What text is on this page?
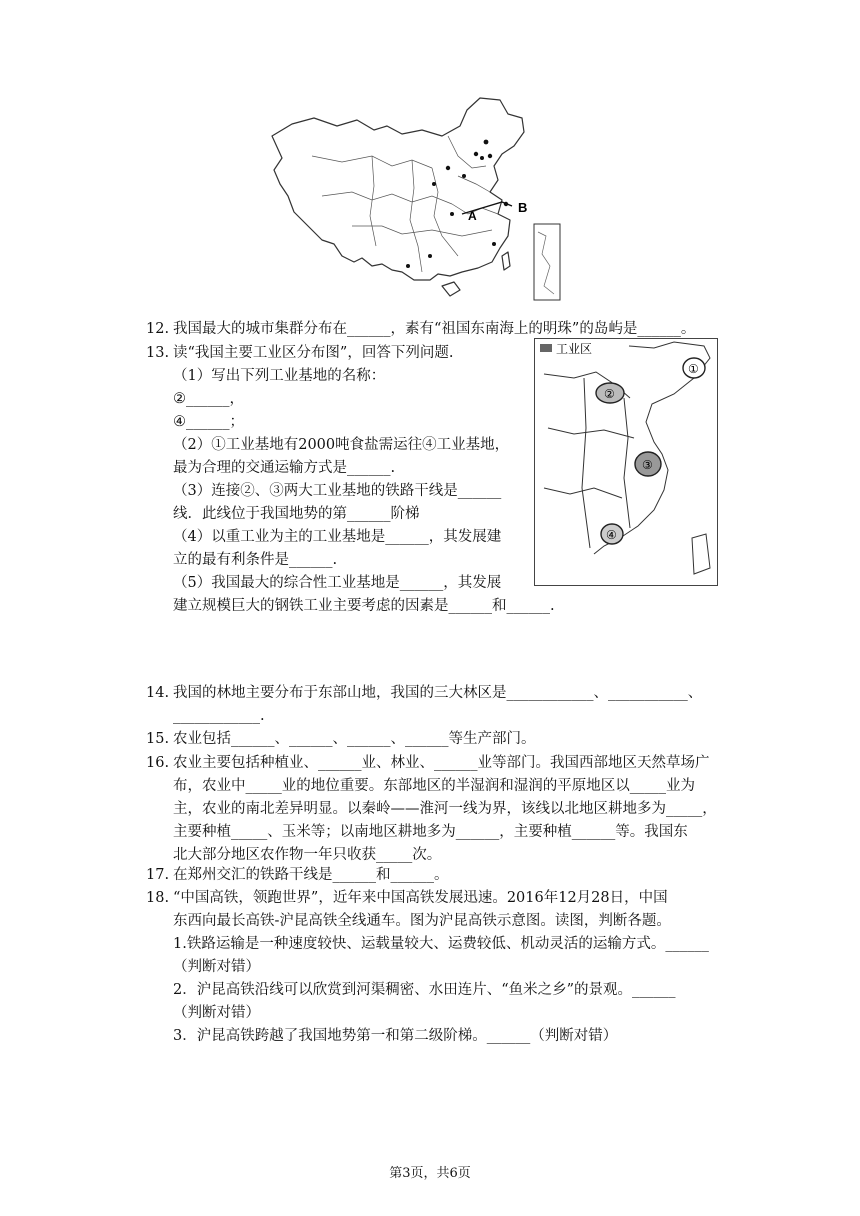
A
B
12. 我国最大的城市集群分布在______，素有“祖国东南海上的明珠”的岛屿是______。
13. 读“我国主要工业区分布图”，回答下列问题.
（1）写出下列工业基地的名称：
②______，
④______；
（2）①工业基地有2000吨食盐需运往④工业基地，
最为合理的交通运输方式是______.
（3）连接②、③两大工业基地的铁路干线是______
线．此线位于我国地势的第______阶梯
（4）以重工业为主的工业基地是______，其发展建
立的最有利条件是______.
（5）我国最大的综合性工业基地是______，其发展
建立规模巨大的钢铁工业主要考虑的因素是______和______.
工业区
①
②
③
④
14. 我国的林地主要分布于东部山地，我国的三大林区是____________、___________、
____________.
15. 农业包括______、______、______、______等生产部门。
16. 农业主要包括种植业、______业、林业、______业等部门。我国西部地区天然草场广
布，农业中_____业的地位重要。东部地区的半湿润和湿润的平原地区以_____业为
主，农业的南北差异明显。以秦岭——淮河一线为界，该线以北地区耕地多为_____，
主要种植_____、玉米等；以南地区耕地多为______，主要种植______等。我国东
北大部分地区农作物一年只收获_____次。
17. 在郑州交汇的铁路干线是______和______。
18. “中国高铁，领跑世界”，近年来中国高铁发展迅速。2016年12月28日，中国
东西向最长高铁-沪昆高铁全线通车。图为沪昆高铁示意图。读图，判断各题。
1.铁路运输是一种速度较快、运载量较大、运费较低、机动灵活的运输方式。______
（判断对错）
2．沪昆高铁沿线可以欣赏到河渠稠密、水田连片、“鱼米之乡”的景观。______
（判断对错）
3．沪昆高铁跨越了我国地势第一和第二级阶梯。______（判断对错）
第3页，共6页
